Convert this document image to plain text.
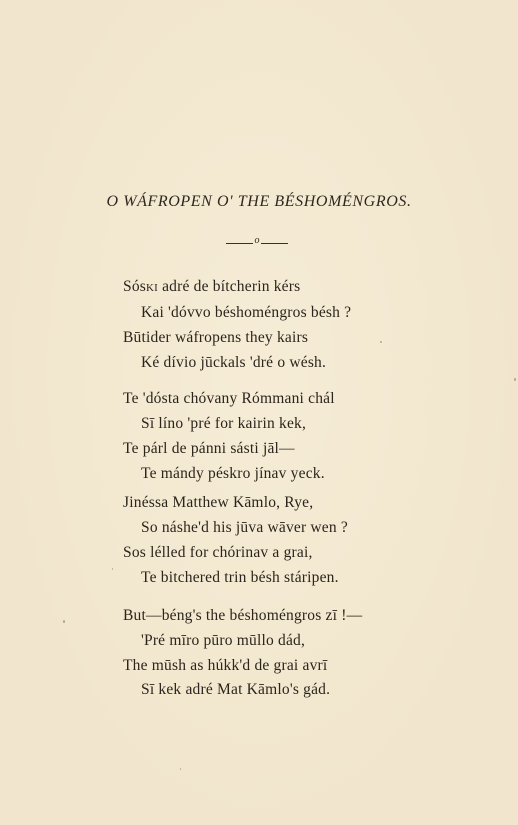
O WÁFROPEN O' THE BÉSHOMÉNGROS.
o
Sóski adré de bítcherin kérs
Kai 'dóvvo béshoméngros bésh ?
Būtider wáfropens they kairs
Ké dívio jūckals 'dré o wésh.
Te 'dósta chóvany Rómmani chál
Sī líno 'pré for kairin kek,
Te párl de pánni sásti jāl—
Te mándy péskro jínav yeck.
Jinéssa Matthew Kāmlo, Rye,
So náshe'd his jūva wāver wen ?
Sos lélled for chórinav a grai,
Te bitchered trin bésh stáripen.
But—béng's the béshoméngros zī !—
'Pré mīro pūro mūllo dád,
The mūsh as húkk'd de grai avrī
Sī kek adré Mat Kāmlo's gád.
